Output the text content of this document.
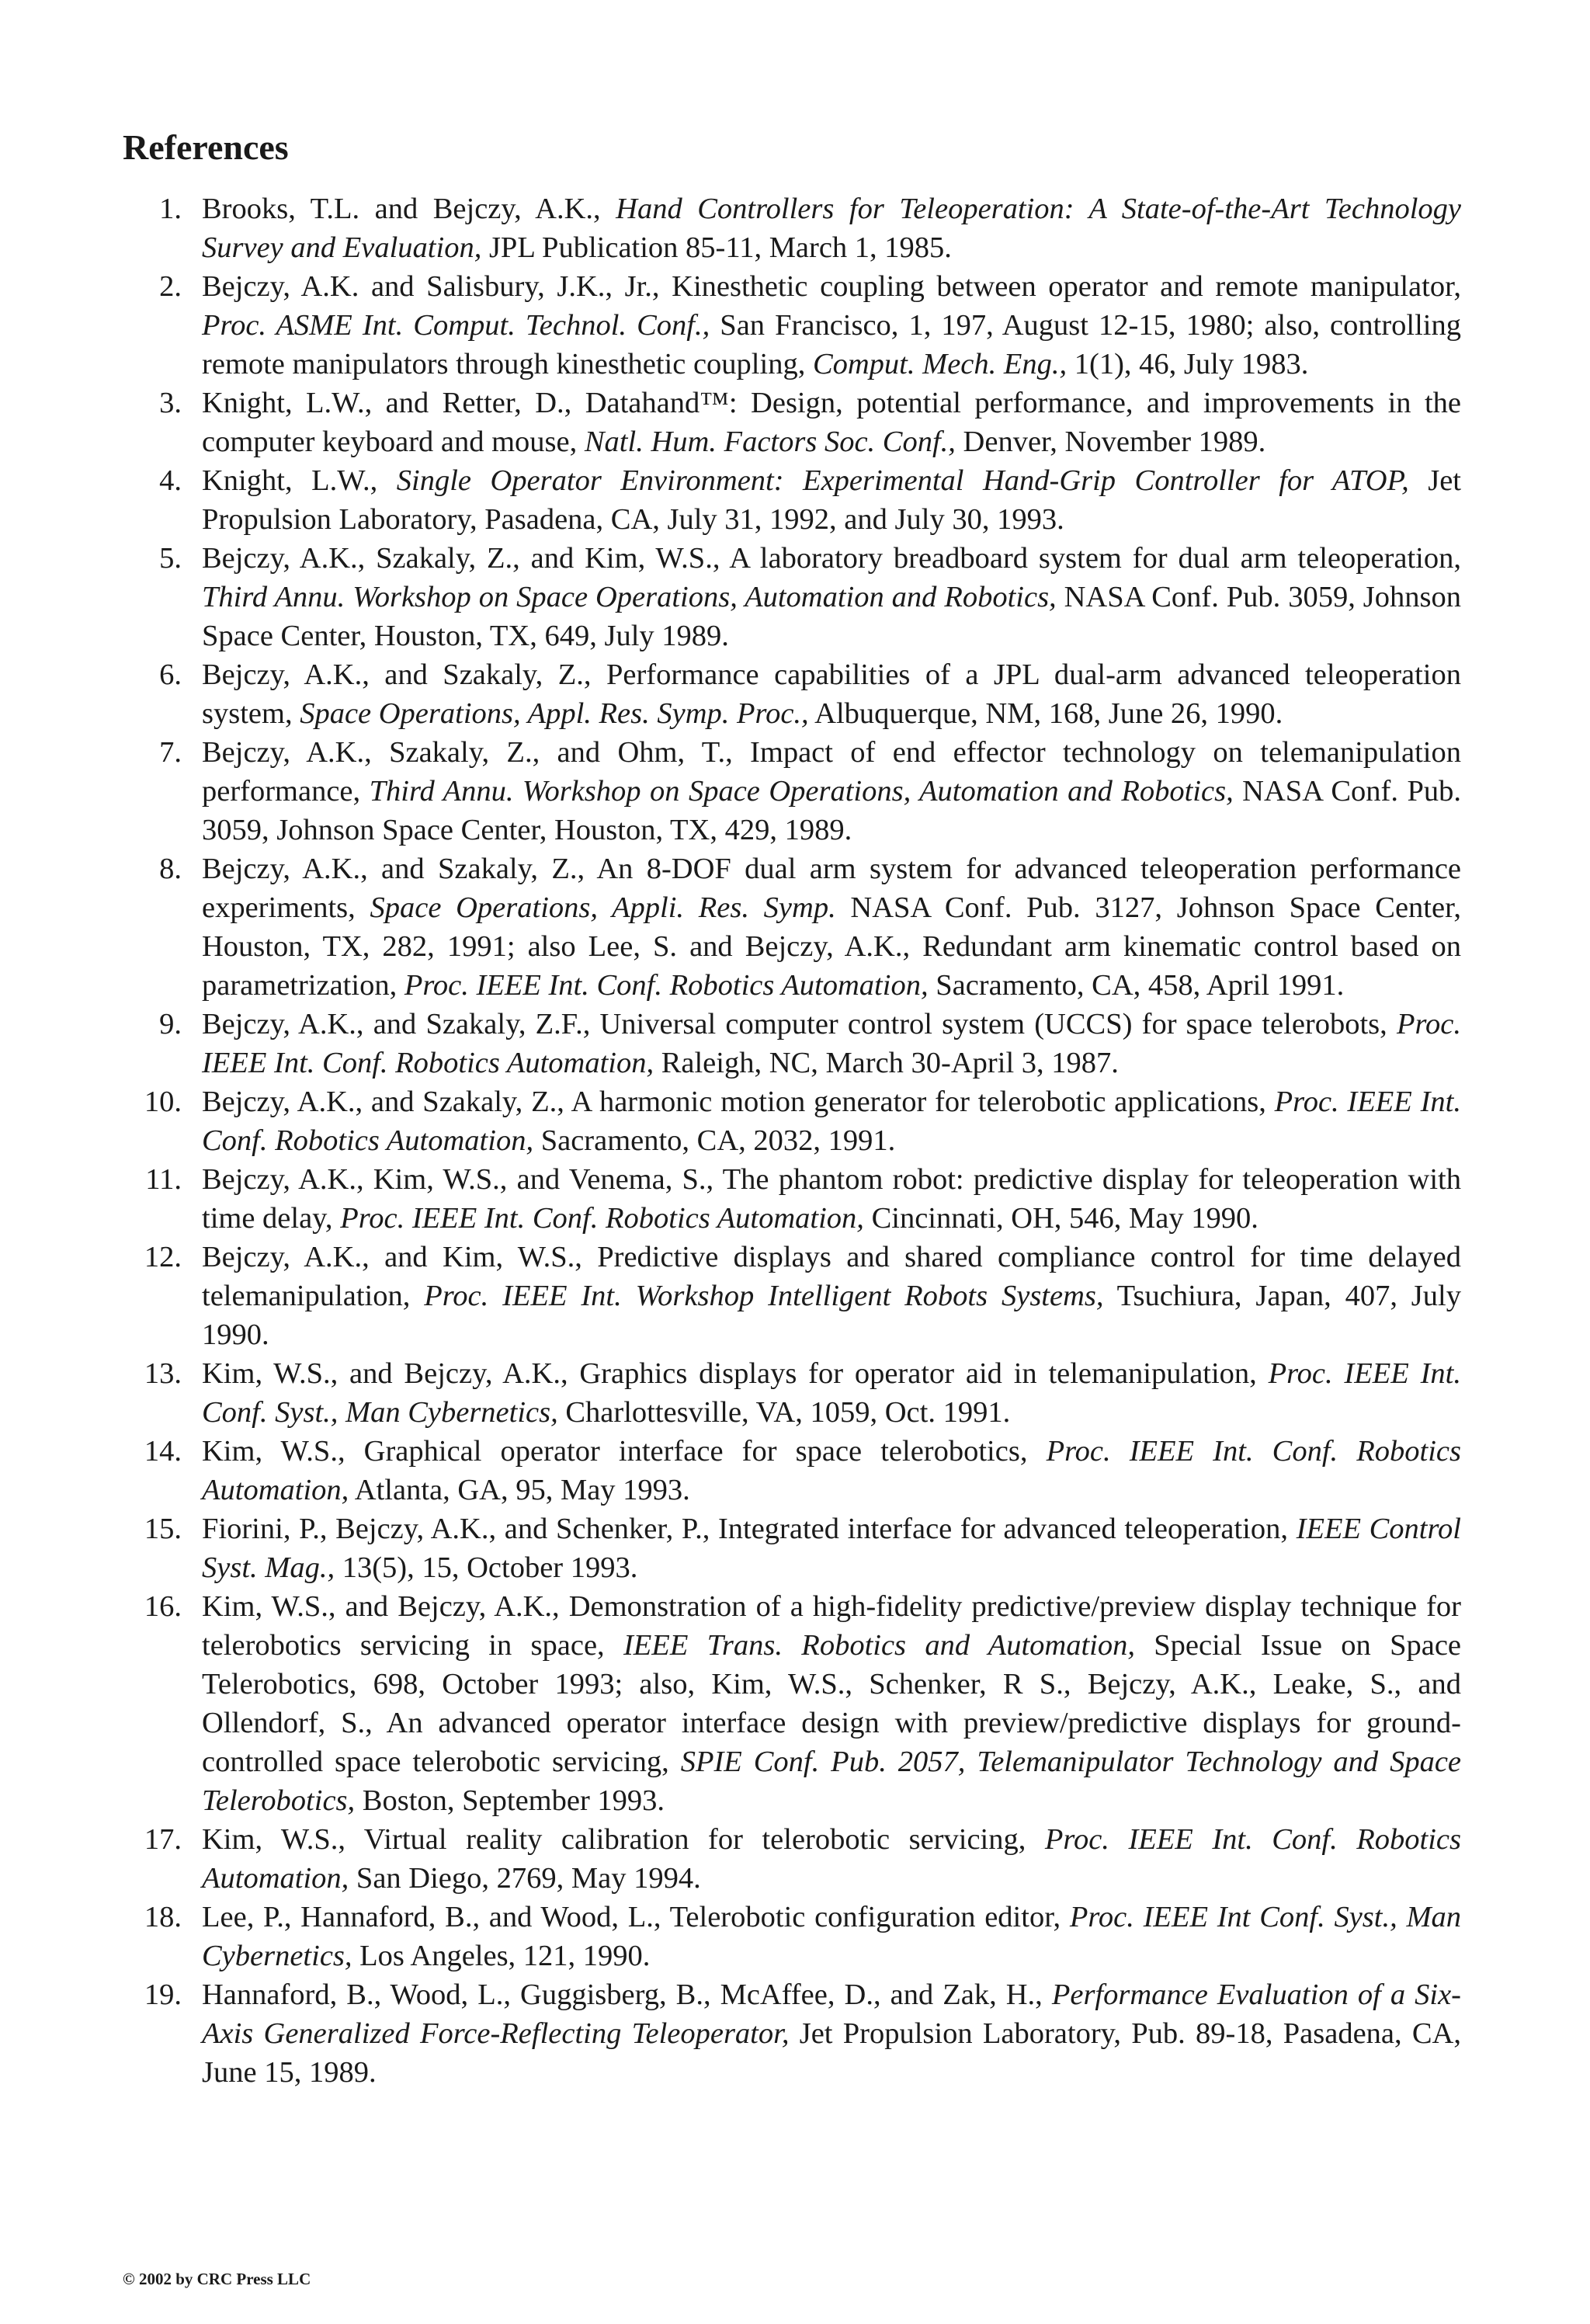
References
1. Brooks, T.L. and Bejczy, A.K., Hand Controllers for Teleoperation: A State-of-the-Art Technology Survey and Evaluation, JPL Publication 85-11, March 1, 1985.
2. Bejczy, A.K. and Salisbury, J.K., Jr., Kinesthetic coupling between operator and remote manipulator, Proc. ASME Int. Comput. Technol. Conf., San Francisco, 1, 197, August 12-15, 1980; also, controlling remote manipulators through kinesthetic coupling, Comput. Mech. Eng., 1(1), 46, July 1983.
3. Knight, L.W., and Retter, D., Datahand™: Design, potential performance, and improvements in the computer keyboard and mouse, Natl. Hum. Factors Soc. Conf., Denver, November 1989.
4. Knight, L.W., Single Operator Environment: Experimental Hand-Grip Controller for ATOP, Jet Propulsion Laboratory, Pasadena, CA, July 31, 1992, and July 30, 1993.
5. Bejczy, A.K., Szakaly, Z., and Kim, W.S., A laboratory breadboard system for dual arm teleoperation, Third Annu. Workshop on Space Operations, Automation and Robotics, NASA Conf. Pub. 3059, Johnson Space Center, Houston, TX, 649, July 1989.
6. Bejczy, A.K., and Szakaly, Z., Performance capabilities of a JPL dual-arm advanced teleoperation system, Space Operations, Appl. Res. Symp. Proc., Albuquerque, NM, 168, June 26, 1990.
7. Bejczy, A.K., Szakaly, Z., and Ohm, T., Impact of end effector technology on telemanipulation performance, Third Annu. Workshop on Space Operations, Automation and Robotics, NASA Conf. Pub. 3059, Johnson Space Center, Houston, TX, 429, 1989.
8. Bejczy, A.K., and Szakaly, Z., An 8-DOF dual arm system for advanced teleoperation performance experiments, Space Operations, Appli. Res. Symp. NASA Conf. Pub. 3127, Johnson Space Center, Houston, TX, 282, 1991; also Lee, S. and Bejczy, A.K., Redundant arm kinematic control based on parametrization, Proc. IEEE Int. Conf. Robotics Automation, Sacramento, CA, 458, April 1991.
9. Bejczy, A.K., and Szakaly, Z.F., Universal computer control system (UCCS) for space telerobots, Proc. IEEE Int. Conf. Robotics Automation, Raleigh, NC, March 30-April 3, 1987.
10. Bejczy, A.K., and Szakaly, Z., A harmonic motion generator for telerobotic applications, Proc. IEEE Int. Conf. Robotics Automation, Sacramento, CA, 2032, 1991.
11. Bejczy, A.K., Kim, W.S., and Venema, S., The phantom robot: predictive display for teleoperation with time delay, Proc. IEEE Int. Conf. Robotics Automation, Cincinnati, OH, 546, May 1990.
12. Bejczy, A.K., and Kim, W.S., Predictive displays and shared compliance control for time delayed telemanipulation, Proc. IEEE Int. Workshop Intelligent Robots Systems, Tsuchiura, Japan, 407, July 1990.
13. Kim, W.S., and Bejczy, A.K., Graphics displays for operator aid in telemanipulation, Proc. IEEE Int. Conf. Syst., Man Cybernetics, Charlottesville, VA, 1059, Oct. 1991.
14. Kim, W.S., Graphical operator interface for space telerobotics, Proc. IEEE Int. Conf. Robotics Automation, Atlanta, GA, 95, May 1993.
15. Fiorini, P., Bejczy, A.K., and Schenker, P., Integrated interface for advanced teleoperation, IEEE Control Syst. Mag., 13(5), 15, October 1993.
16. Kim, W.S., and Bejczy, A.K., Demonstration of a high-fidelity predictive/preview display technique for telerobotics servicing in space, IEEE Trans. Robotics and Automation, Special Issue on Space Telerobotics, 698, October 1993; also, Kim, W.S., Schenker, R S., Bejczy, A.K., Leake, S., and Ollendorf, S., An advanced operator interface design with preview/predictive displays for ground-controlled space telerobotic servicing, SPIE Conf. Pub. 2057, Telemanipulator Technology and Space Telerobotics, Boston, September 1993.
17. Kim, W.S., Virtual reality calibration for telerobotic servicing, Proc. IEEE Int. Conf. Robotics Automation, San Diego, 2769, May 1994.
18. Lee, P., Hannaford, B., and Wood, L., Telerobotic configuration editor, Proc. IEEE Int Conf. Syst., Man Cybernetics, Los Angeles, 121, 1990.
19. Hannaford, B., Wood, L., Guggisberg, B., McAffee, D., and Zak, H., Performance Evaluation of a Six-Axis Generalized Force-Reflecting Teleoperator, Jet Propulsion Laboratory, Pub. 89-18, Pasadena, CA, June 15, 1989.
© 2002 by CRC Press LLC
